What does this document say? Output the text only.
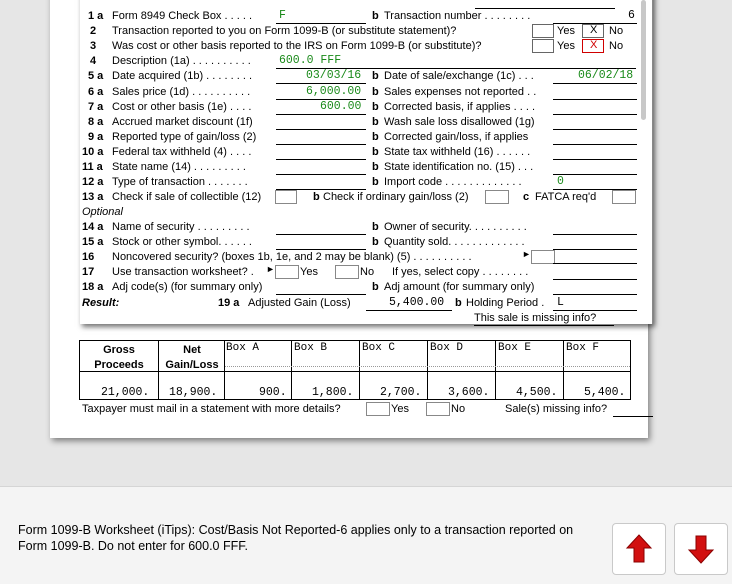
1 a Form 8949 Check Box . . . . . F	b Transaction number . . . . . . . .	6
2 Transaction reported to you on Form 1099-B (or substitute statement)?	Yes X No
3 Was cost or other basis reported to the IRS on Form 1099-B (or substitute)?	Yes X No
4 Description (1a) . . . . . . . . . . 600.0 FFF
5 a Date acquired (1b) . . . . . . . .	03/03/16 b Date of sale/exchange (1c) . . .	06/02/18
6 a Sales price (1d) . . . . . . . . . .	6,000.00 b Sales expenses not reported . .
7 a Cost or other basis (1e) . . . .	600.00 b Corrected basis, if applies . . . .
8 a Accrued market discount (1f)	b Wash sale loss disallowed (1g)
9 a Reported type of gain/loss (2)	b Corrected gain/loss, if applies
10 a Federal tax withheld (4) . . . .	b State tax withheld (16) . . . . . .
11 a State name (14) . . . . . . . . .	b State identification no. (15) . . .
12 a Type of transaction . . . . . . .	b Import code . . . . . . . . . . . . .	0
13 a Check if sale of collectible (12)	b Check if ordinary gain/loss (2)	c FATCA req'd
Optional
14 a Name of security . . . . . . . . .	b Owner of security. . . . . . . . . .
15 a Stock or other symbol. . . . . .	b Quantity sold. . . . . . . . . . . . .
16 Noncovered security? (boxes 1b, 1e, and 2 may be blank) (5) . . . . . . . . . .	►
17 Use transaction worksheet? . ► Yes	No If yes, select copy . . . . . . . .
18 a Adj code(s) (for summary only)	b Adj amount (for summary only)
Result:	19 a Adjusted Gain (Loss)	5,400.00 b Holding Period . L
This sale is missing info?
Gross Proceeds
Net Gain/Loss
Box A	Box B	Box C	Box D	Box E	Box F
21,000. 18,900.	900. 1,800. 2,700. 3,600. 4,500. 5,400.
Taxpayer must mail in a statement with more details?	Yes	No	Sale(s) missing info?
Form 1099-B Worksheet (iTips): Cost/Basis Not Reported-6 applies only to a transaction reported on Form 1099-B. Do not enter for 600.0 FFF.
